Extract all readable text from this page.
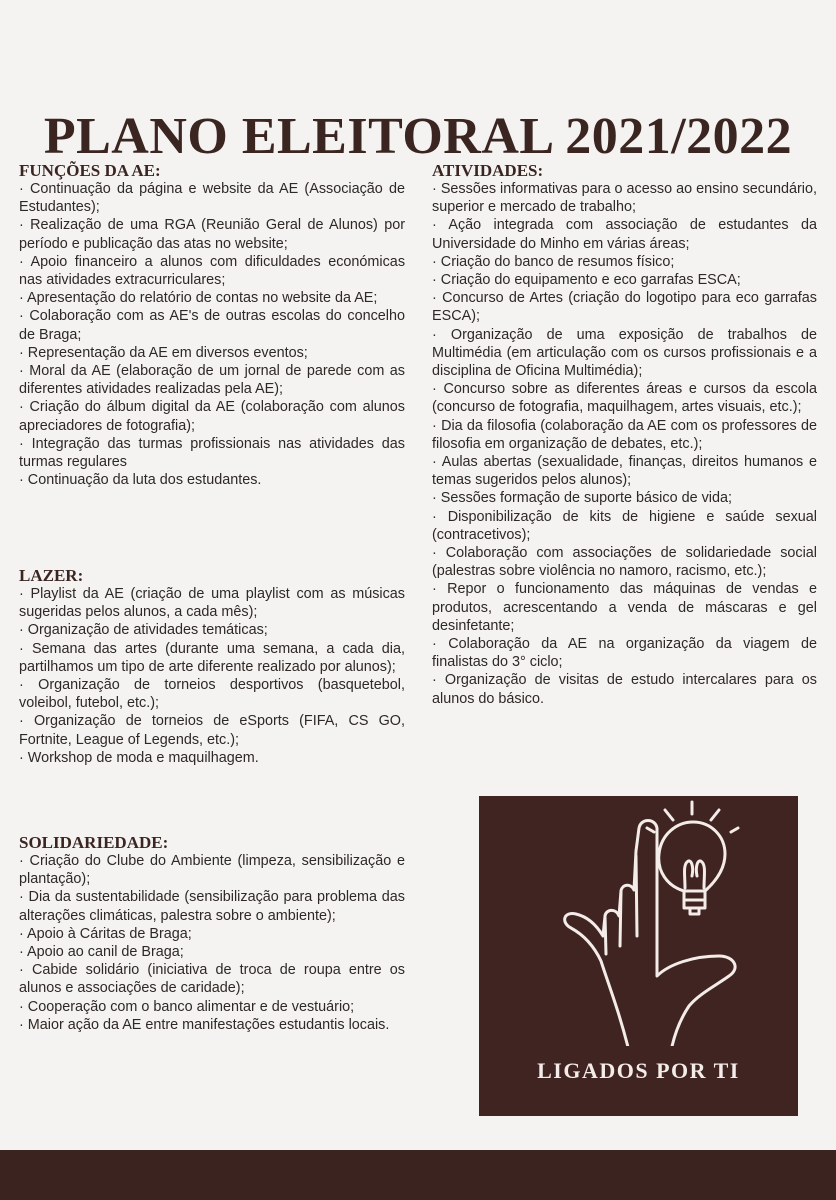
PLANO ELEITORAL 2021/2022
FUNÇÕES DA AE:
· Continuação da página e website da AE (Associação de Estudantes);
· Realização de uma RGA (Reunião Geral de Alunos) por período e publicação das atas no website;
· Apoio financeiro a alunos com dificuldades económicas nas atividades extracurriculares;
· Apresentação do relatório de contas no website da AE;
· Colaboração com as AE's de outras escolas do concelho de Braga;
· Representação da AE em diversos eventos;
· Moral da AE (elaboração de um jornal de parede com as diferentes atividades realizadas pela AE);
· Criação do álbum digital da AE (colaboração com alunos apreciadores de fotografia);
· Integração das turmas profissionais nas atividades das turmas regulares
· Continuação da luta dos estudantes.
LAZER:
· Playlist da AE (criação de uma playlist com as músicas sugeridas pelos alunos, a cada mês);
· Organização de atividades temáticas;
· Semana das artes (durante uma semana, a cada dia, partilhamos um tipo de arte diferente realizado por alunos);
· Organização de torneios desportivos (basquetebol, voleibol, futebol, etc.);
· Organização de torneios de eSports (FIFA, CS GO, Fortnite, League of Legends, etc.);
· Workshop de moda e maquilhagem.
SOLIDARIEDADE:
· Criação do Clube do Ambiente (limpeza, sensibilização e plantação);
· Dia da sustentabilidade (sensibilização para problema das alterações climáticas, palestra sobre o ambiente);
· Apoio à Cáritas de Braga;
· Apoio ao canil de Braga;
· Cabide solidário (iniciativa de troca de roupa entre os alunos e associações de caridade);
· Cooperação com o banco alimentar e de vestuário;
· Maior ação da AE entre manifestações estudantis locais.
ATIVIDADES:
· Sessões informativas para o acesso ao ensino secundário, superior e mercado de trabalho;
· Ação integrada com associação de estudantes da Universidade do Minho em várias áreas;
· Criação do banco de resumos físico;
· Criação do equipamento e eco garrafas ESCA;
· Concurso de Artes (criação do logotipo para eco garrafas ESCA);
· Organização de uma exposição de trabalhos de Multimédia (em articulação com os cursos profissionais e a disciplina de Oficina Multimédia);
· Concurso sobre as diferentes áreas e cursos da escola (concurso de fotografia, maquilhagem, artes visuais, etc.);
· Dia da filosofia (colaboração da AE com os professores de filosofia em organização de debates, etc.);
· Aulas abertas (sexualidade, finanças, direitos humanos e temas sugeridos pelos alunos);
· Sessões formação de suporte básico de vida;
· Disponibilização de kits de higiene e saúde sexual (contracetivos);
· Colaboração com associações de solidariedade social (palestras sobre violência no namoro, racismo, etc.);
· Repor o funcionamento das máquinas de vendas e produtos, acrescentando a venda de máscaras e gel desinfetante;
· Colaboração da AE na organização da viagem de finalistas do 3° ciclo;
· Organização de visitas de estudo intercalares para os alunos do básico.
LIGADOS POR TI
